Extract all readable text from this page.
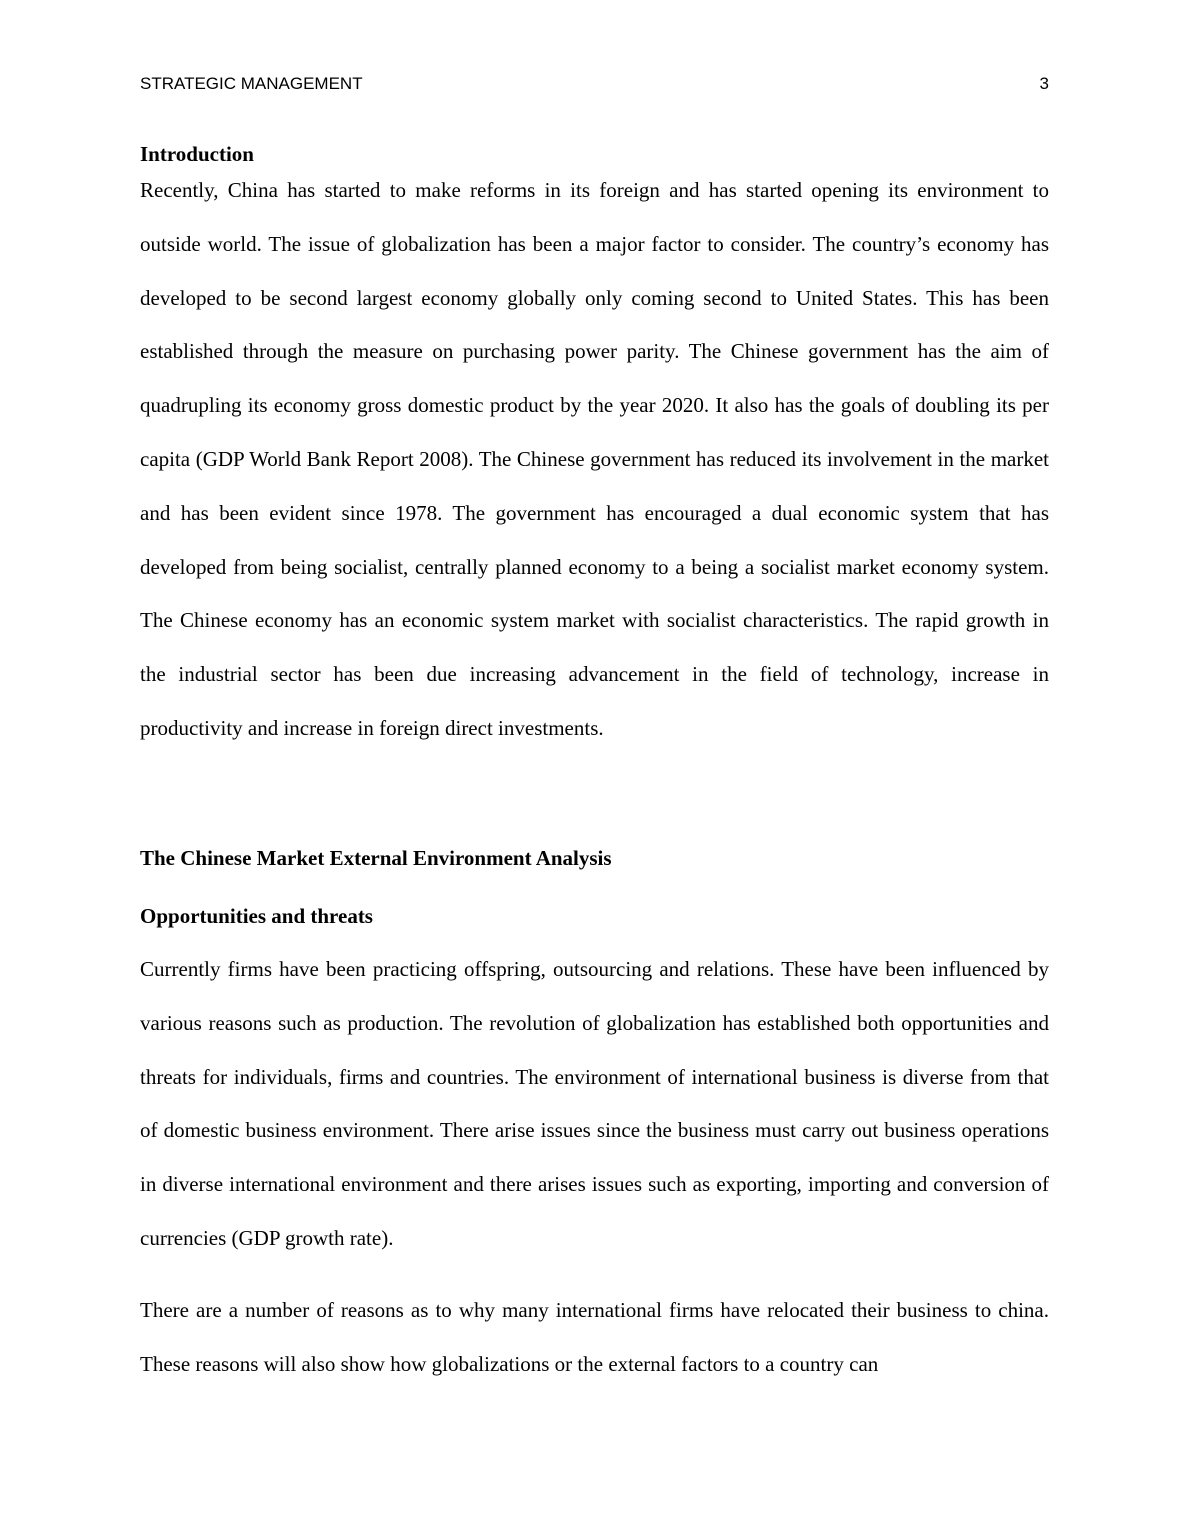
STRATEGIC MANAGEMENT	3
Introduction

Recently, China has started to make reforms in its foreign and has started opening its environment to outside world. The issue of globalization has been a major factor to consider. The country’s economy has developed to be second largest economy globally only coming second to United States. This has been established through the measure on purchasing power parity. The Chinese government has the aim of quadrupling its economy gross domestic product by the year 2020. It also has the goals of doubling its per capita (GDP World Bank Report 2008). The Chinese government has reduced its involvement in the market and has been evident since 1978. The government has encouraged a dual economic system that has developed from being socialist, centrally planned economy to a being a socialist market economy system. The Chinese economy has an economic system market with socialist characteristics. The rapid growth in the industrial sector has been due increasing advancement in the field of technology, increase in productivity and increase in foreign direct investments.

The Chinese Market External Environment Analysis
Opportunities and threats

Currently firms have been practicing offspring, outsourcing and relations. These have been influenced by various reasons such as production. The revolution of globalization has established both opportunities and threats for individuals, firms and countries. The environment of international business is diverse from that of domestic business environment. There arise issues since the business must carry out business operations in diverse international environment and there arises issues such as exporting, importing and conversion of currencies (GDP growth rate).

There are a number of reasons as to why many international firms have relocated their business to china. These reasons will also show how globalizations or the external factors to a country can
